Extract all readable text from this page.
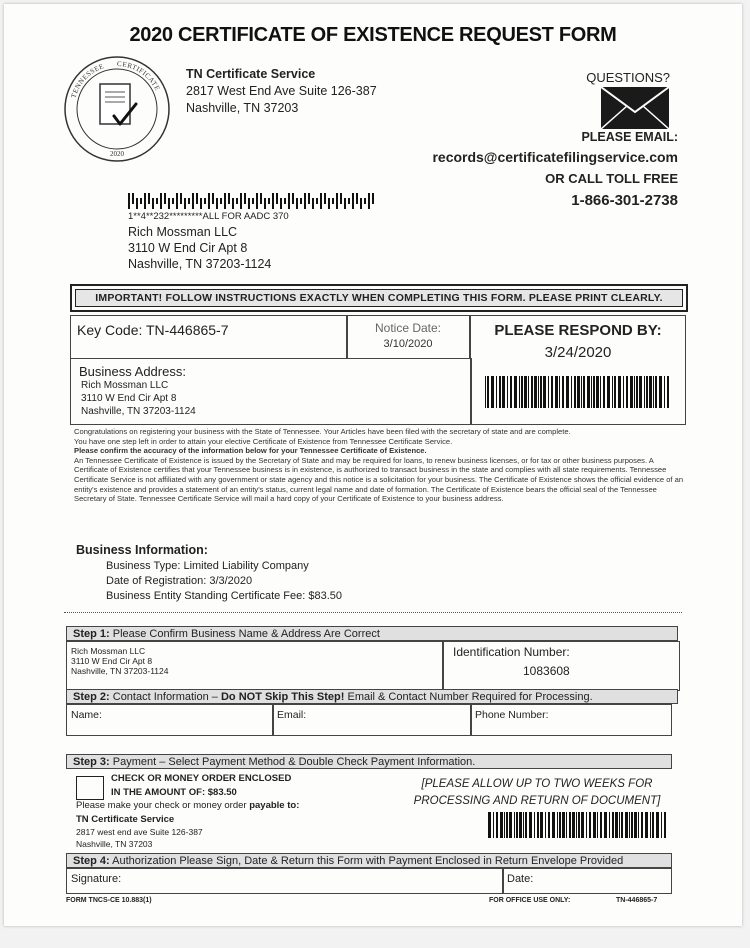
2020 CERTIFICATE OF EXISTENCE REQUEST FORM
TENNESSEE CERTIFICATE
2020
TN Certificate Service
2817 West End Ave Suite 126-387
Nashville, TN 37203
QUESTIONS?
PLEASE EMAIL:
records@certificatefilingservice.com
OR CALL TOLL FREE
1-866-301-2738
1**4**232*********ALL FOR AADC 370
Rich Mossman LLC
3110 W End Cir Apt 8
Nashville, TN 37203-1124
IMPORTANT! FOLLOW INSTRUCTIONS EXACTLY WHEN COMPLETING THIS FORM. PLEASE PRINT CLEARLY.
Key Code: TN-446865-7	Notice Date:
3/10/2020
PLEASE RESPOND BY:
3/24/2020
Business Address:
Rich Mossman LLC
3110 W End Cir Apt 8
Nashville, TN 37203-1124

Congratulations on registering your business with the State of Tennessee. Your Articles have been filed with the secretary of state and are complete.

You have one step left in order to attain your elective Certificate of Existence from Tennessee Certificate Service.

Please confirm the accuracy of the information below for your Tennessee Certificate of Existence.

An Tennessee Certificate of Existence is issued by the Secretary of State and may be required for loans, to renew business licenses, or for tax or other business purposes. A Certificate of Existence certifies that your Tennessee business is in existence, is authorized to transact business in the state and complies with all state requirements. Tennessee Certificate Service is not affiliated with any government or state agency and this notice is a solicitation for your business. The Certificate of Existence shows the official evidence of an entity's existence and provides a statement of an entity's status, current legal name and date of formation. The Certificate of Existence bears the official seal of the Tennessee Secretary of State. Tennessee Certificate Service will mail a hard copy of your Certificate of Existence to your business address.

Business Information:
Business Type: Limited Liability Company
Date of Registration: 3/3/2020
Business Entity Standing Certificate Fee: $83.50
Step 1: Please Confirm Business Name & Address Are Correct
Rich Mossman LLC
3110 W End Cir Apt 8
Nashville, TN 37203-1124
Identification Number:
1083608
Step 2: Contact Information – Do NOT Skip This Step! Email & Contact Number Required for Processing.
Name:	Email:	Phone Number:
Step 3: Payment – Select Payment Method & Double Check Payment Information.
CHECK OR MONEY ORDER ENCLOSED
IN THE AMOUNT OF: $83.50
Please make your check or money order payable to:
TN Certificate Service
2817 west end ave Suite 126-387
Nashville, TN 37203
[PLEASE ALLOW UP TO TWO WEEKS FOR
PROCESSING AND RETURN OF DOCUMENT]
Step 4: Authorization Please Sign, Date & Return this Form with Payment Enclosed in Return Envelope Provided
Signature:	Date:
FORM TNCS-CE 10.883(1)	FOR OFFICE USE ONLY:	TN-446865-7
